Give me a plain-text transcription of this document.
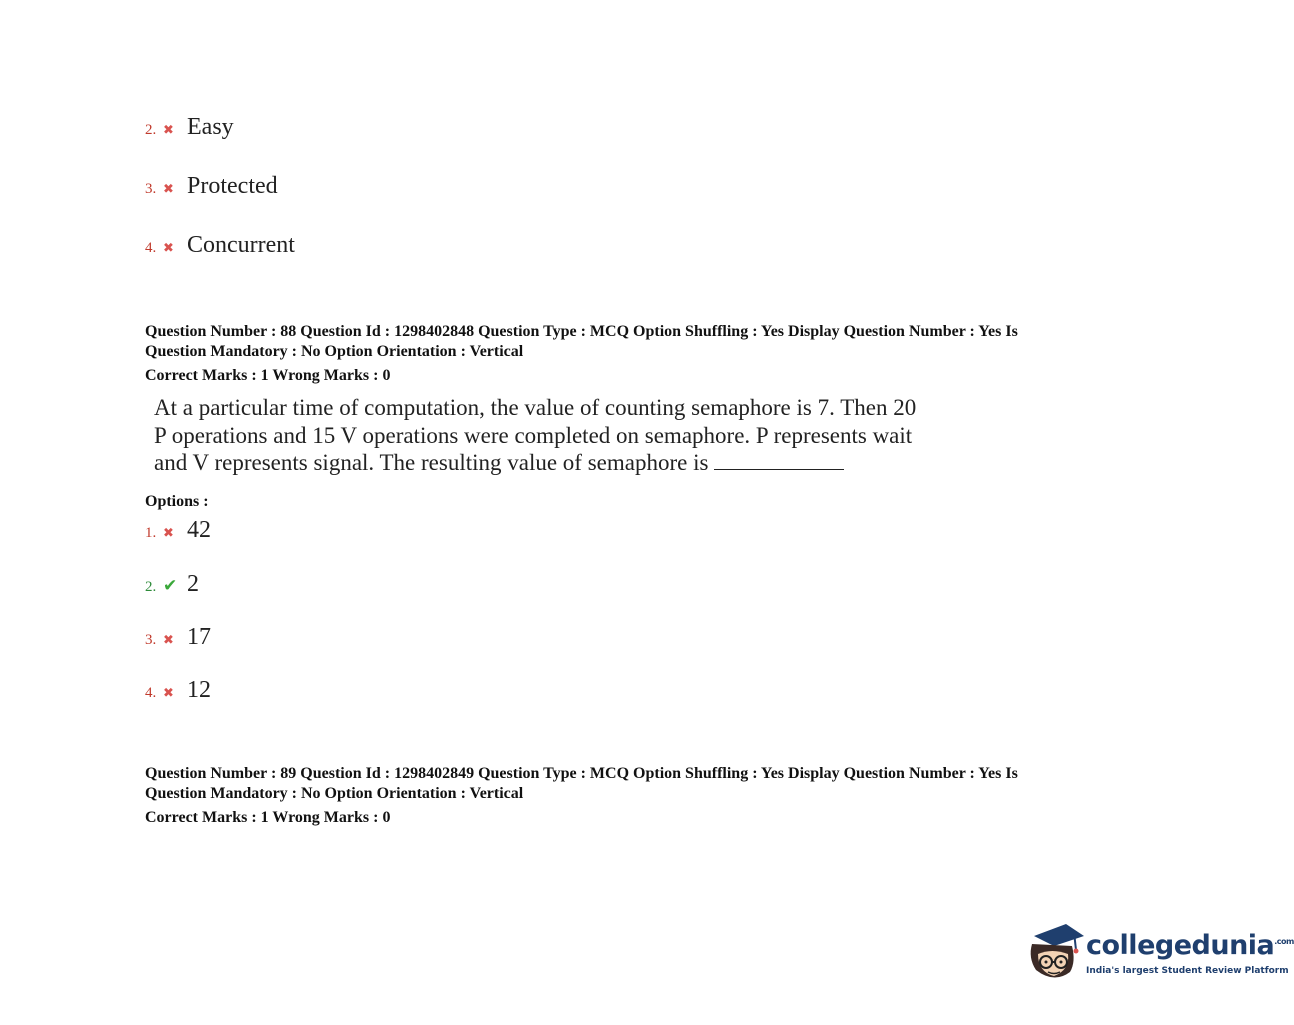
2. ✖ Easy
3. ✖ Protected
4. ✖ Concurrent
Question Number : 88 Question Id : 1298402848 Question Type : MCQ Option Shuffling : Yes Display Question Number : Yes Is
Question Mandatory : No Option Orientation : Vertical
Correct Marks : 1 Wrong Marks : 0
At a particular time of computation, the value of counting semaphore is 7. Then 20
P operations and 15 V operations were completed on semaphore. P represents wait
and V represents signal. The resulting value of semaphore is
Options :
1. ✖ 42
2. ✔ 2
3. ✖ 17
4. ✖ 12
Question Number : 89 Question Id : 1298402849 Question Type : MCQ Option Shuffling : Yes Display Question Number : Yes Is
Question Mandatory : No Option Orientation : Vertical
Correct Marks : 1 Wrong Marks : 0
collegedunia$^{.com}$
India's largest Student Review Platform
